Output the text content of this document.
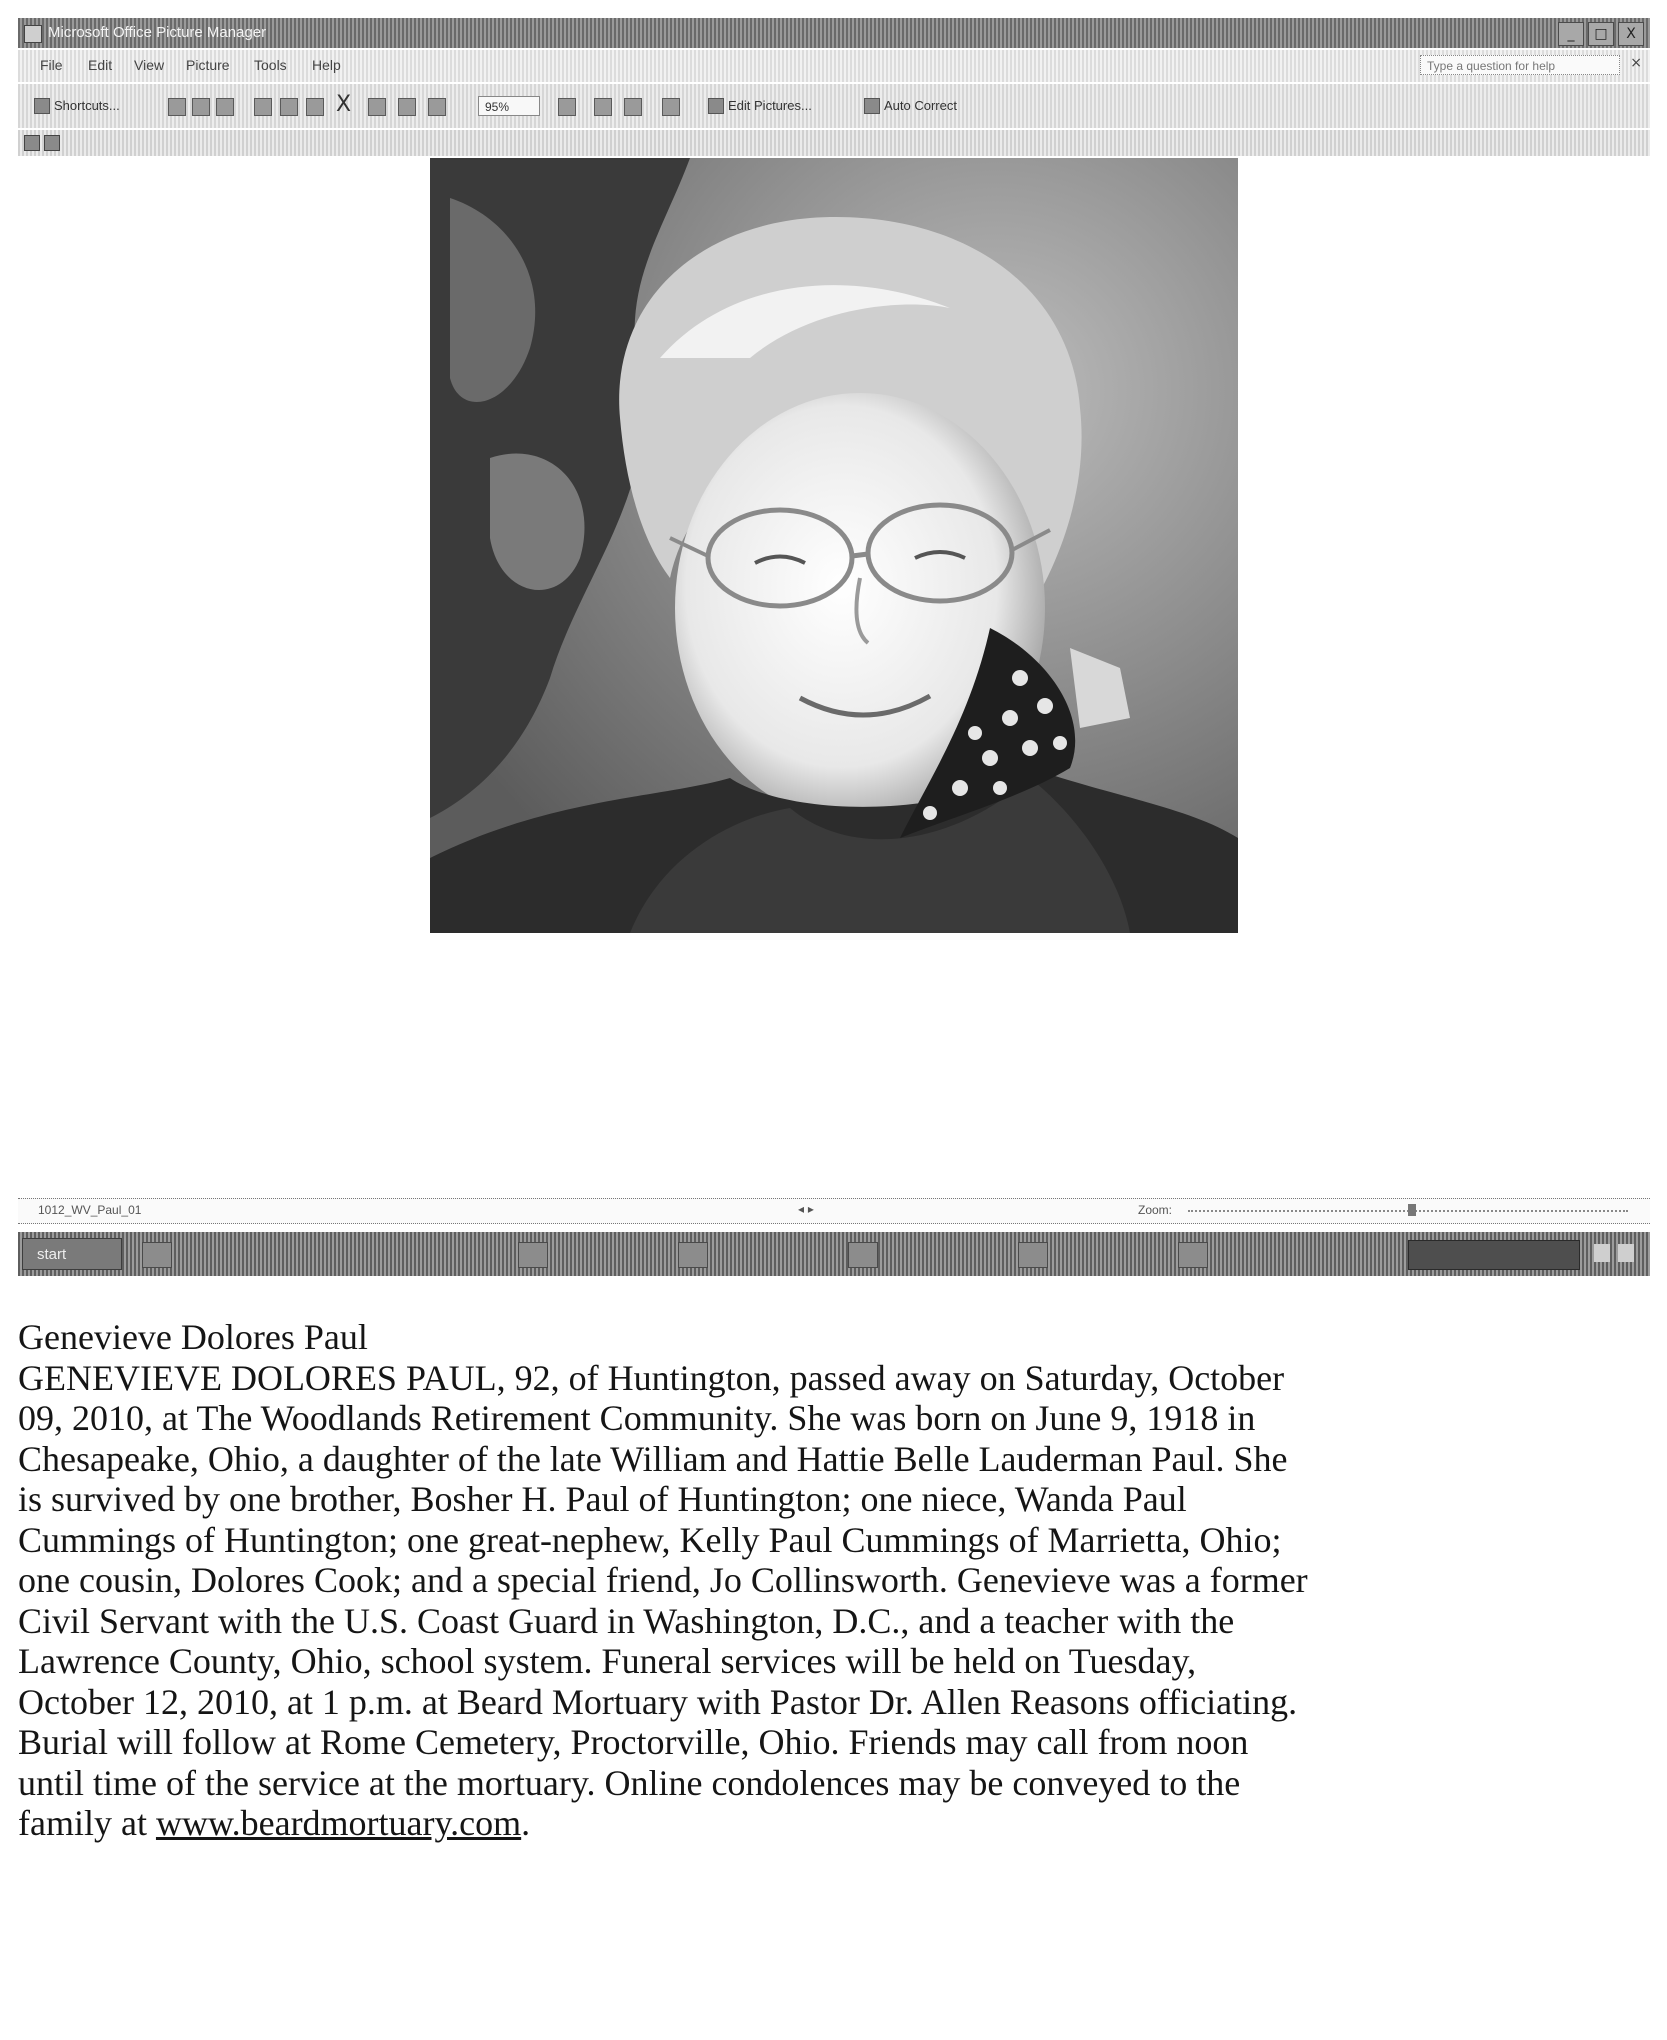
Microsoft Office Picture Manager	_	□	X
File Edit View Picture Tools Help	Type a question for help	×
Shortcuts...	X	95%	Edit Pictures...	Auto Correct
1012_WV_Paul_01	◂ ▸	Zoom:
start

Genevieve Dolores Paul

GENEVIEVE DOLORES PAUL, 92, of Huntington, passed away on Saturday, October

09, 2010, at The Woodlands Retirement Community. She was born on June 9, 1918 in

Chesapeake, Ohio, a daughter of the late William and Hattie Belle Lauderman Paul. She

is survived by one brother, Bosher H. Paul of Huntington; one niece, Wanda Paul

Cummings of Huntington; one great-nephew, Kelly Paul Cummings of Marrietta, Ohio;

one cousin, Dolores Cook; and a special friend, Jo Collinsworth. Genevieve was a former

Civil Servant with the U.S. Coast Guard in Washington, D.C., and a teacher with the

Lawrence County, Ohio, school system. Funeral services will be held on Tuesday,

October 12, 2010, at 1 p.m. at Beard Mortuary with Pastor Dr. Allen Reasons officiating.

Burial will follow at Rome Cemetery, Proctorville, Ohio. Friends may call from noon

until time of the service at the mortuary. Online condolences may be conveyed to the

family at www.beardmortuary.com.
